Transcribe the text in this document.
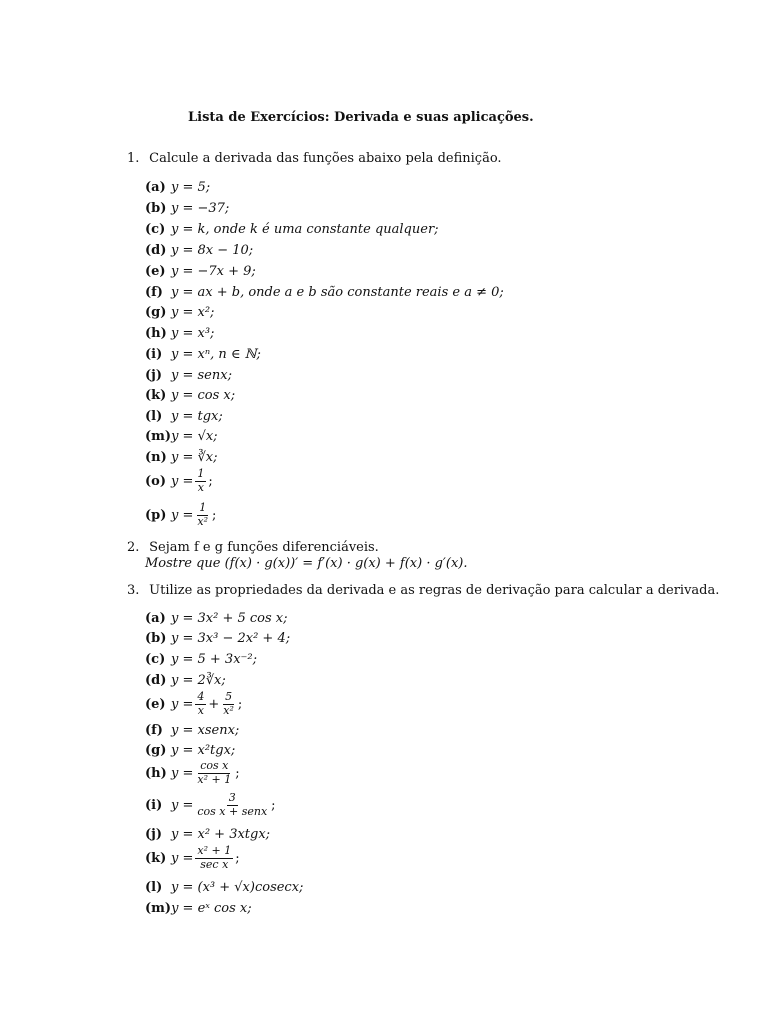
Lista de Exercícios: Derivada e suas aplicações.
1. Calcule a derivada das funções abaixo pela definição.
(a) y = 5;
(b) y = −37;
(c) y = k, onde k é uma constante qualquer;
(d) y = 8x − 10;
(e) y = −7x + 9;
(f) y = ax + b, onde a e b são constante reais e a ≠ 0;
(g) y = x²;
(h) y = x³;
(i) y = xⁿ, n ∈ ℕ;
(j) y = senx;
(k) y = cos x;
(l) y = tgx;
(m) y = √x;
(n) y = ∛x;
(o) $y = \frac{1}{x}$ ;
(p) $y = \frac{1}{\text{x²}}$ ;
2. Sejam f e g funções diferenciáveis.
Mostre que (f(x) · g(x))′ = f′(x) · g(x) + f(x) · g′(x).
3. Utilize as propriedades da derivada e as regras de derivação para calcular a derivada.
(a) y = 3x² + 5 cos x;
(b) y = 3x³ − 2x² + 4;
(c) y = 5 + 3x⁻²;
(d) y = 2∛x;
(e) $y = \frac{4}{x} + \frac{5}{\text{x²}}$ ;
(f) y = xsenx;
(g) y = x²tgx;
(h) $y = \frac{\text{cos x}}{\text{x² + 1}}$ ;
(i) $y = \frac{3}{\text{cos x + senx}}$ ;
(j) y = x² + 3xtgx;
(k) $y = \frac{\text{x² + 1}}{\text{sec x}}$ ;
(l) y = (x³ + √x)cosecx;
(m) y = eˣ cos x;
